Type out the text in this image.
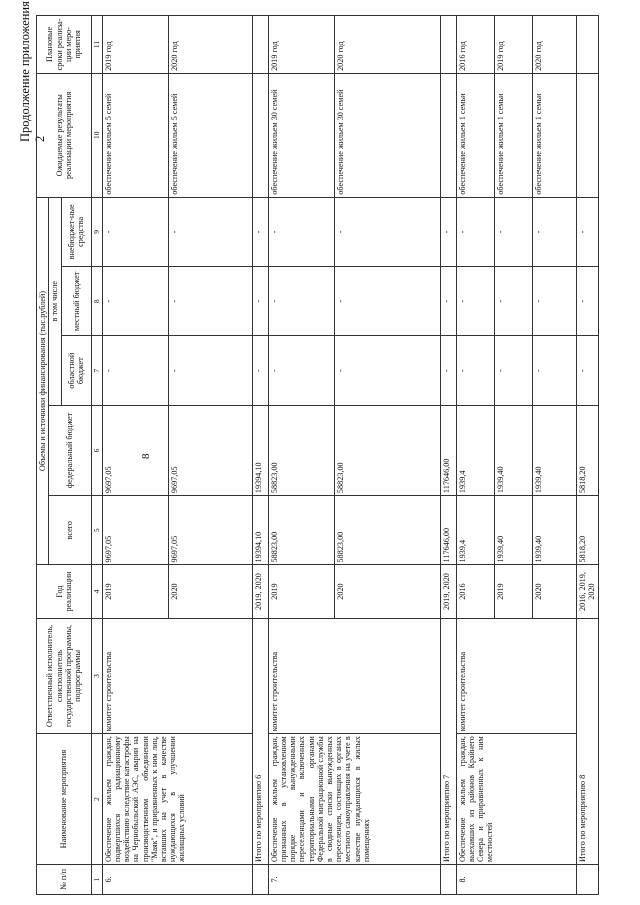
8
Продолжение приложения 2
№ п/п	Наименование мероприятия	Ответственный исполнитель, соисполнитель государственной программы, подпрограммы	Год реализации	Объемы и источники финансирования (тыс.рублей)					Ожидаемые результаты реализации мероприятия	Плановые сроки реализа-ции меро-приятия
				всего	федеральный бюджет	в том числе				
						областной бюджет	местный бюджет	внебюджет-ные средства		
1	2	3	4	5	6	7	8	9	10	11
6.	Обеспечение жильем граждан, подвергшихся радиационному воздействию вследствие катастрофы на Чернобыльской АЭС, аварии на производственном объединении "Маяк", и приравненных к ним лиц, вставших на учет в качестве нуждающихся в улучшении жилищных условий	комитет строительства	2019	9697,05	9697,05	-	-	-	обеспечение жильем 5 семей	2019 год
			2020	9697,05	9697,05	-	-	-	обеспечение жильем 5 семей	2020 год
	Итого по мероприятию 6		2019, 2020	19394,10	19394,10	-	-	-		
7.	Обеспечение жильем граждан, признанных в установленном порядке вынужденными переселенцами и включенных территориальными органами Федеральной миграционной службы в сводные списки вынужденных переселенцев, состоящих в органах местного самоуправления на учете в качестве нуждающихся в жилых помещениях	комитет строительства	2019	58823,00	58823,00	-	-	-	обеспечение жильем 30 семей	2019 год
			2020	58823,00	58823,00	-	-	-	обеспечение жильем 30 семей	2020 год
	Итого по мероприятию 7		2019, 2020	117646,00	117646,00	-	-	-		
8.	Обеспечение жильем граждан, выехавших из районов Крайнего Севера и приравненных к ним местностей	комитет строительства	2016	1939,4	1939,4	-	-	-	обеспечение жильем 1 семьи	2016 год
			2019	1939,40	1939,40	-	-	-	обеспечение жильем 1 семьи	2019 год
			2020	1939,40	1939,40	-	-	-	обеспечение жильем 1 семьи	2020 год
	Итого по мероприятию 8		2016, 2019, 2020	5818,20	5818,20	-	-	-		
